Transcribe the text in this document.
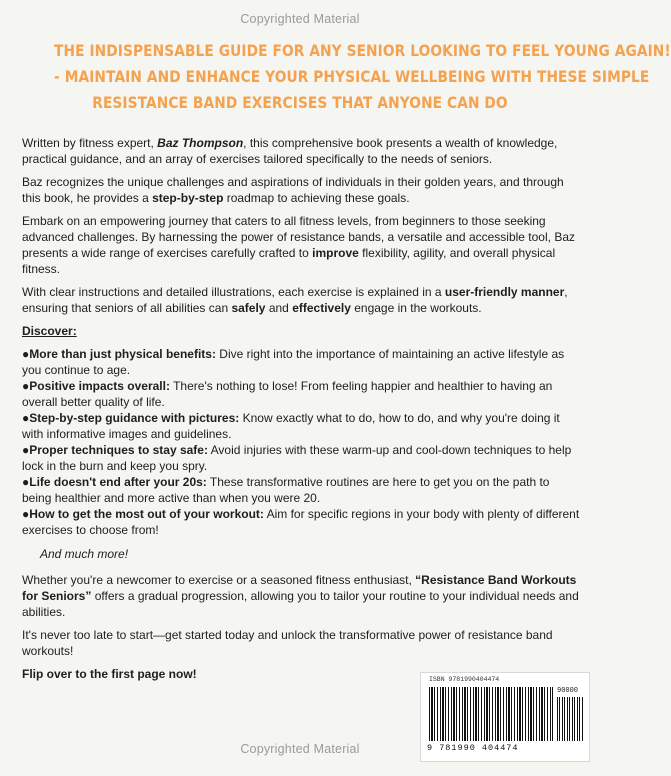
Copyrighted Material
THE INDISPENSABLE GUIDE FOR ANY SENIOR LOOKING TO FEEL YOUNG AGAIN!
- MAINTAIN AND ENHANCE YOUR PHYSICAL WELLBEING WITH THESE SIMPLE
RESISTANCE BAND EXERCISES THAT ANYONE CAN DO

Written by fitness expert, Baz Thompson, this comprehensive book presents a wealth of knowledge, practical guidance, and an array of exercises tailored specifically to the needs of seniors.

Baz recognizes the unique challenges and aspirations of individuals in their golden years, and through this book, he provides a step-by-step roadmap to achieving these goals.

Embark on an empowering journey that caters to all fitness levels, from beginners to those seeking advanced challenges. By harnessing the power of resistance bands, a versatile and accessible tool, Baz presents a wide range of exercises carefully crafted to improve flexibility, agility, and overall physical fitness.

With clear instructions and detailed illustrations, each exercise is explained in a user-friendly manner, ensuring that seniors of all abilities can safely and effectively engage in the workouts.

Discover:

●More than just physical benefits: Dive right into the importance of maintaining an active lifestyle as you continue to age.
●Positive impacts overall: There's nothing to lose! From feeling happier and healthier to having an overall better quality of life.
●Step-by-step guidance with pictures: Know exactly what to do, how to do, and why you're doing it with informative images and guidelines.
●Proper techniques to stay safe: Avoid injuries with these warm-up and cool-down techniques to help lock in the burn and keep you spry.
●Life doesn't end after your 20s: These transformative routines are here to get you on the path to being healthier and more active than when you were 20.
●How to get the most out of your workout: Aim for specific regions in your body with plenty of different exercises to choose from!

And much more!

Whether you're a newcomer to exercise or a seasoned fitness enthusiast, “Resistance Band Workouts for Seniors” offers a gradual progression, allowing you to tailor your routine to your individual needs and abilities.

It's never too late to start—get started today and unlock the transformative power of resistance band workouts!

Flip over to the first page now!	ISBN 9781990404474
90000
9 781990 404474
Copyrighted Material
